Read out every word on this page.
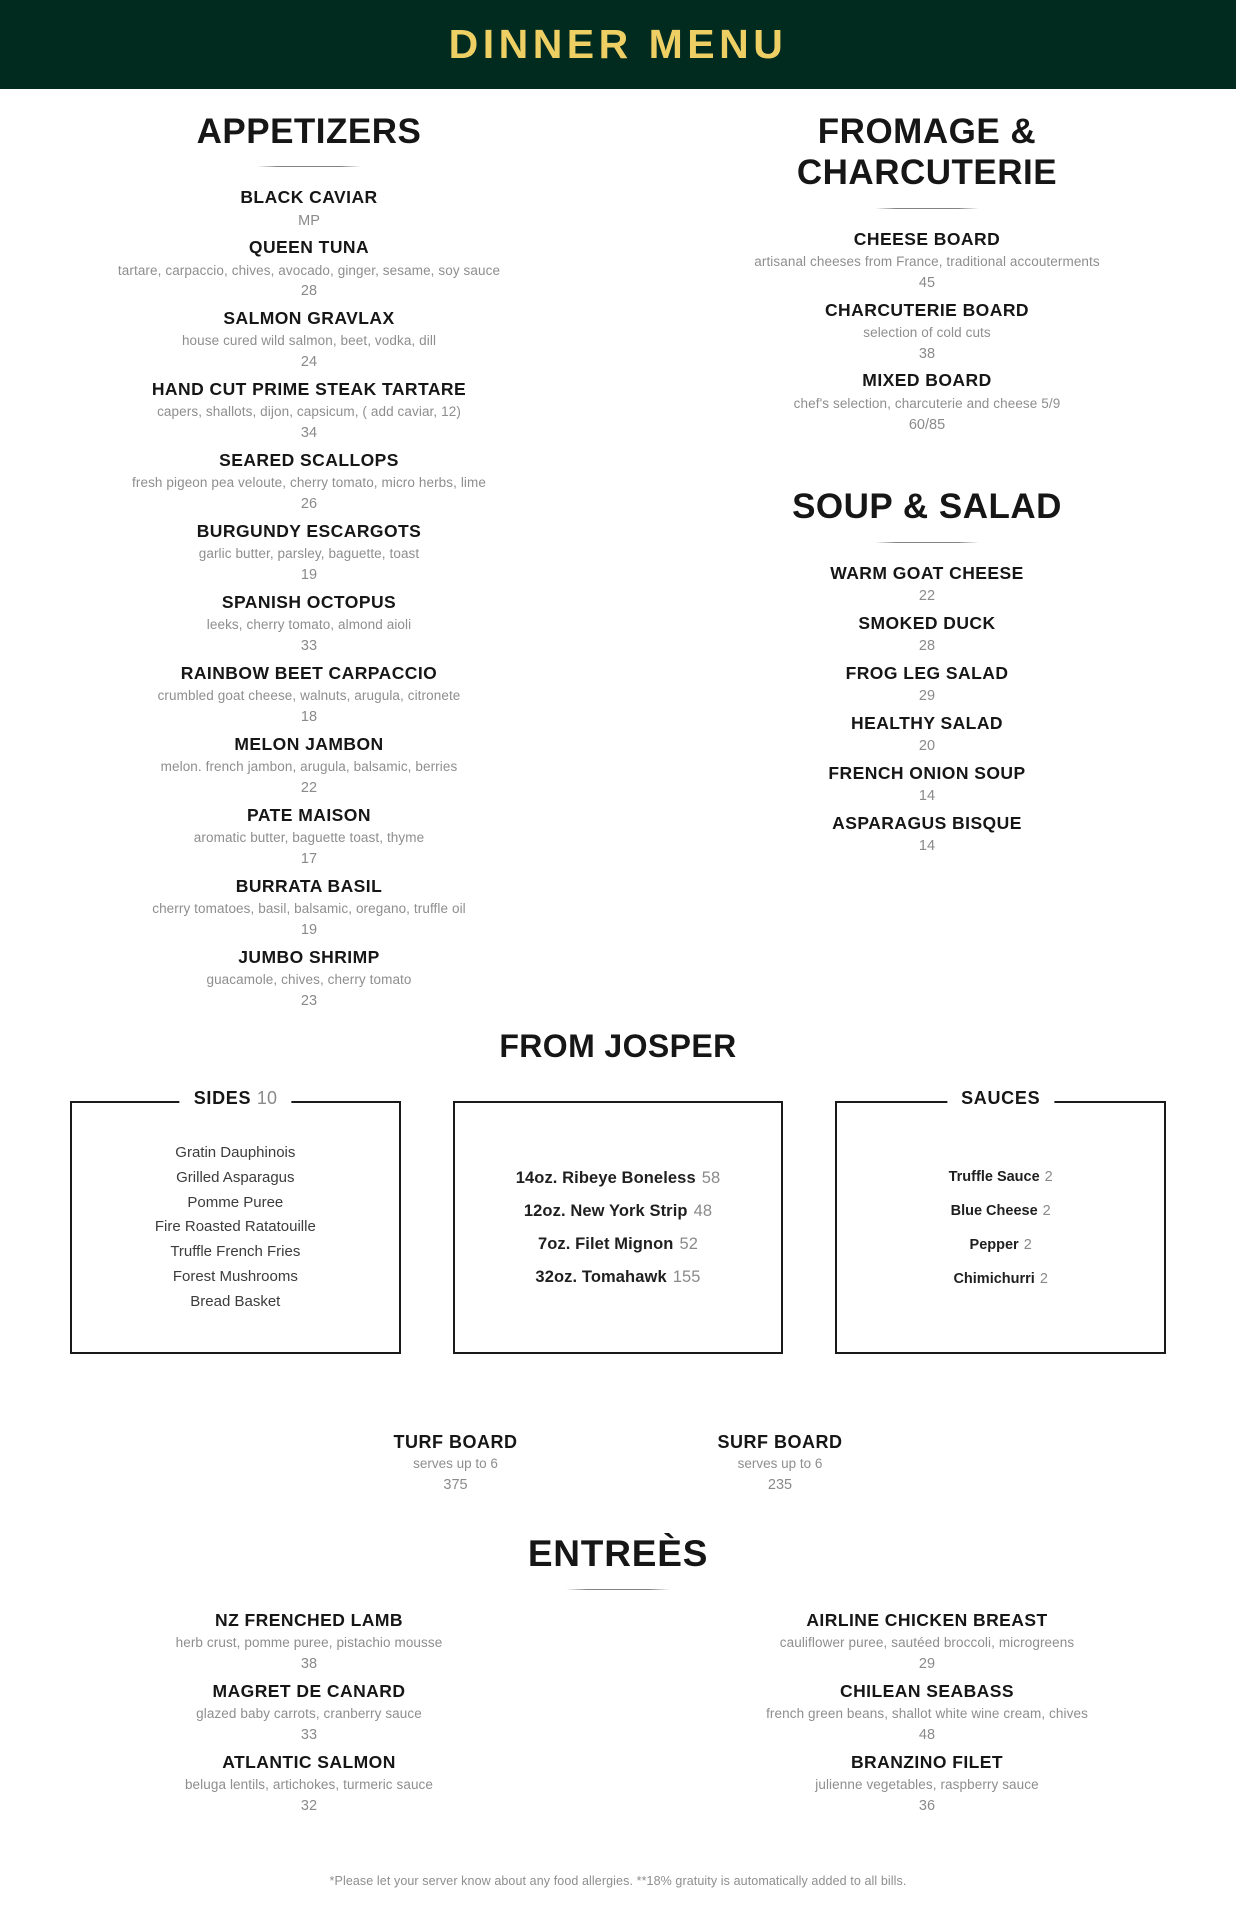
DINNER MENU
APPETIZERS
BLACK CAVIAR
MP
QUEEN TUNA
tartare, carpaccio, chives, avocado, ginger, sesame, soy sauce
28
SALMON GRAVLAX
house cured wild salmon, beet, vodka, dill
24
HAND CUT PRIME STEAK TARTARE
capers, shallots, dijon, capsicum, ( add caviar, 12)
34
SEARED SCALLOPS
fresh pigeon pea veloute, cherry tomato, micro herbs, lime
26
BURGUNDY ESCARGOTS
garlic butter, parsley, baguette, toast
19
SPANISH OCTOPUS
leeks, cherry tomato, almond aioli
33
RAINBOW BEET CARPACCIO
crumbled goat cheese, walnuts, arugula, citronete
18
MELON JAMBON
melon. french jambon, arugula, balsamic, berries
22
PATE MAISON
aromatic butter, baguette toast, thyme
17
BURRATA BASIL
cherry tomatoes, basil, balsamic, oregano, truffle oil
19
JUMBO SHRIMP
guacamole, chives, cherry tomato
23
FROMAGE &
CHARCUTERIE
CHEESE BOARD
artisanal cheeses from France, traditional accouterments
45
CHARCUTERIE BOARD
selection of cold cuts
38
MIXED BOARD
chef's selection, charcuterie and cheese 5/9
60/85
SOUP & SALAD
WARM GOAT CHEESE
22
SMOKED DUCK
28
FROG LEG SALAD
29
HEALTHY SALAD
20
FRENCH ONION SOUP
14
ASPARAGUS BISQUE
14
FROM JOSPER
SIDES 10
Gratin Dauphinois
Grilled Asparagus
Pomme Puree
Fire Roasted Ratatouille
Truffle French Fries
Forest Mushrooms
Bread Basket
14oz. Ribeye Boneless 58
12oz. New York Strip 48
7oz. Filet Mignon 52
32oz. Tomahawk 155
SAUCES
Truffle Sauce 2
Blue Cheese 2
Pepper 2
Chimichurri 2
TURF BOARD
serves up to 6
375
SURF BOARD
serves up to 6
235
ENTREÈS
NZ FRENCHED LAMB
herb crust, pomme puree, pistachio mousse
38
MAGRET DE CANARD
glazed baby carrots, cranberry sauce
33
ATLANTIC SALMON
beluga lentils, artichokes, turmeric sauce
32
AIRLINE CHICKEN BREAST
cauliflower puree, sautéed broccoli, microgreens
29
CHILEAN SEABASS
french green beans, shallot white wine cream, chives
48
BRANZINO FILET
julienne vegetables, raspberry sauce
36
*Please let your server know about any food allergies. **18% gratuity is automatically added to all bills.
